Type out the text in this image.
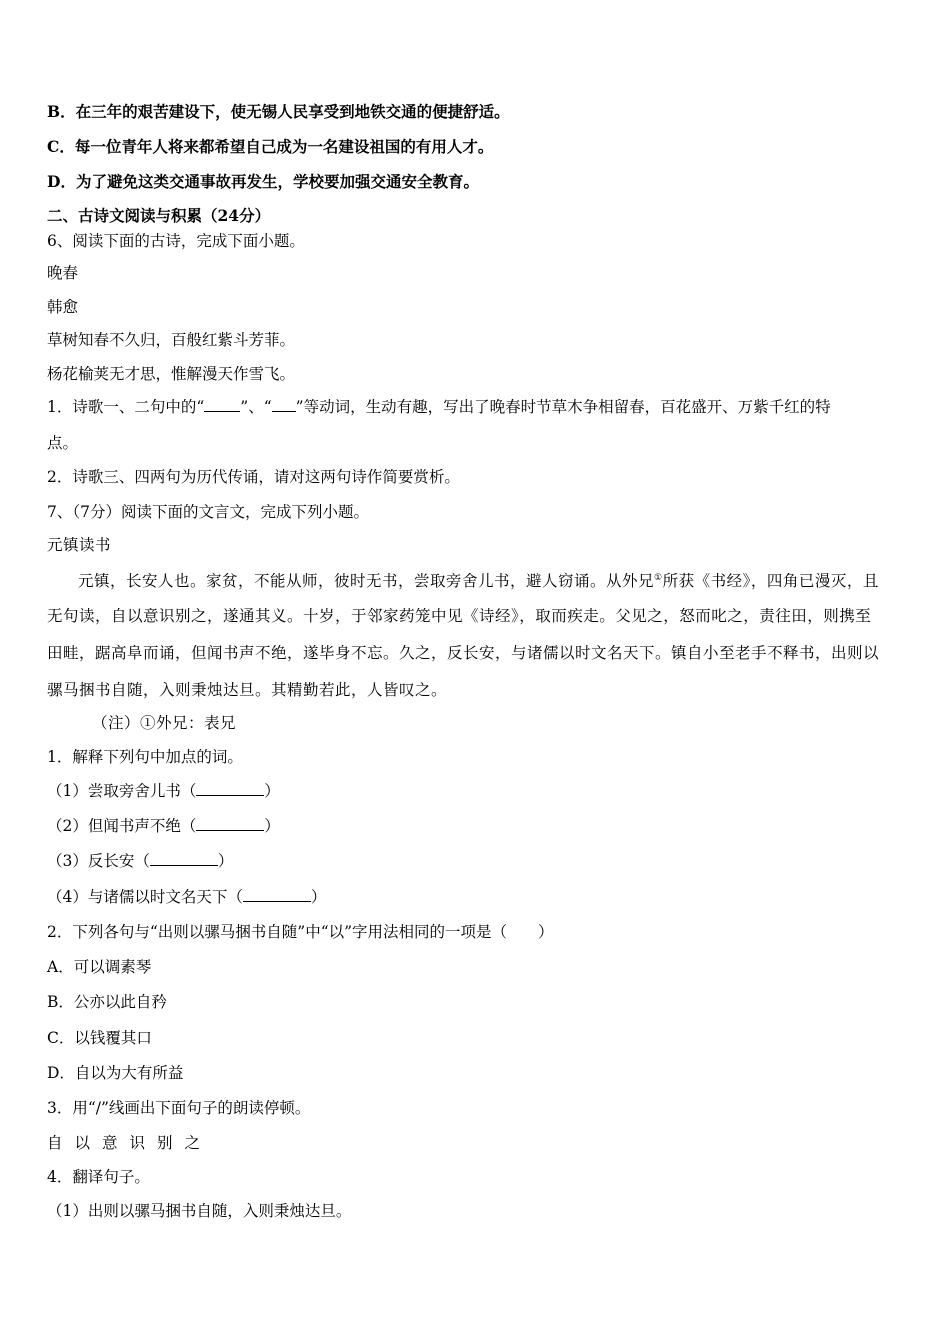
B．在三年的艰苦建设下，使无锡人民享受到地铁交通的便捷舒适。
C．每一位青年人将来都希望自己成为一名建设祖国的有用人才。
D．为了避免这类交通事故再发生，学校要加强交通安全教育。
二、古诗文阅读与积累（24分）
6、阅读下面的古诗，完成下面小题。
晚春
韩愈
草树知春不久归，百般红紫斗芳菲。
杨花榆荚无才思，惟解漫天作雪飞。
1．诗歌一、二句中的“ ”、“ ”等动词，生动有趣，写出了晚春时节草木争相留春，百花盛开、万紫千红的特
点。
2．诗歌三、四两句为历代传诵，请对这两句诗作简要赏析。
7、（7分）阅读下面的文言文，完成下列小题。
元镇读书
元镇，长安人也。家贫，不能从师，彼时无书，尝取旁舍儿书，避人窃诵。从外兄①所获《书经》，四角已漫灭，且
无句读，自以意识别之，遂通其义。十岁，于邻家药笼中见《诗经》，取而疾走。父见之，怒而叱之，责往田，则携至
田畦，踞高阜而诵，但闻书声不绝，遂毕身不忘。久之，反长安，与诸儒以时文名天下。镇自小至老手不释书，出则以
骡马捆书自随，入则秉烛达旦。其精勤若此，人皆叹之。
（注）①外兄：表兄
1．解释下列句中加点的词。
（1）尝取旁舍儿书（	）
（2）但闻书声不绝（	）
（3）反长安（	）
（4）与诸儒以时文名天下（	）
2．下列各句与“出则以骡马捆书自随”中“以”字用法相同的一项是（　　）
A．可以调素琴
B．公亦以此自矜
C．以钱覆其口
D．自以为大有所益
3．用“/”线画出下面句子的朗读停顿。
自以意识别之
4．翻译句子。
（1）出则以骡马捆书自随，入则秉烛达旦。
